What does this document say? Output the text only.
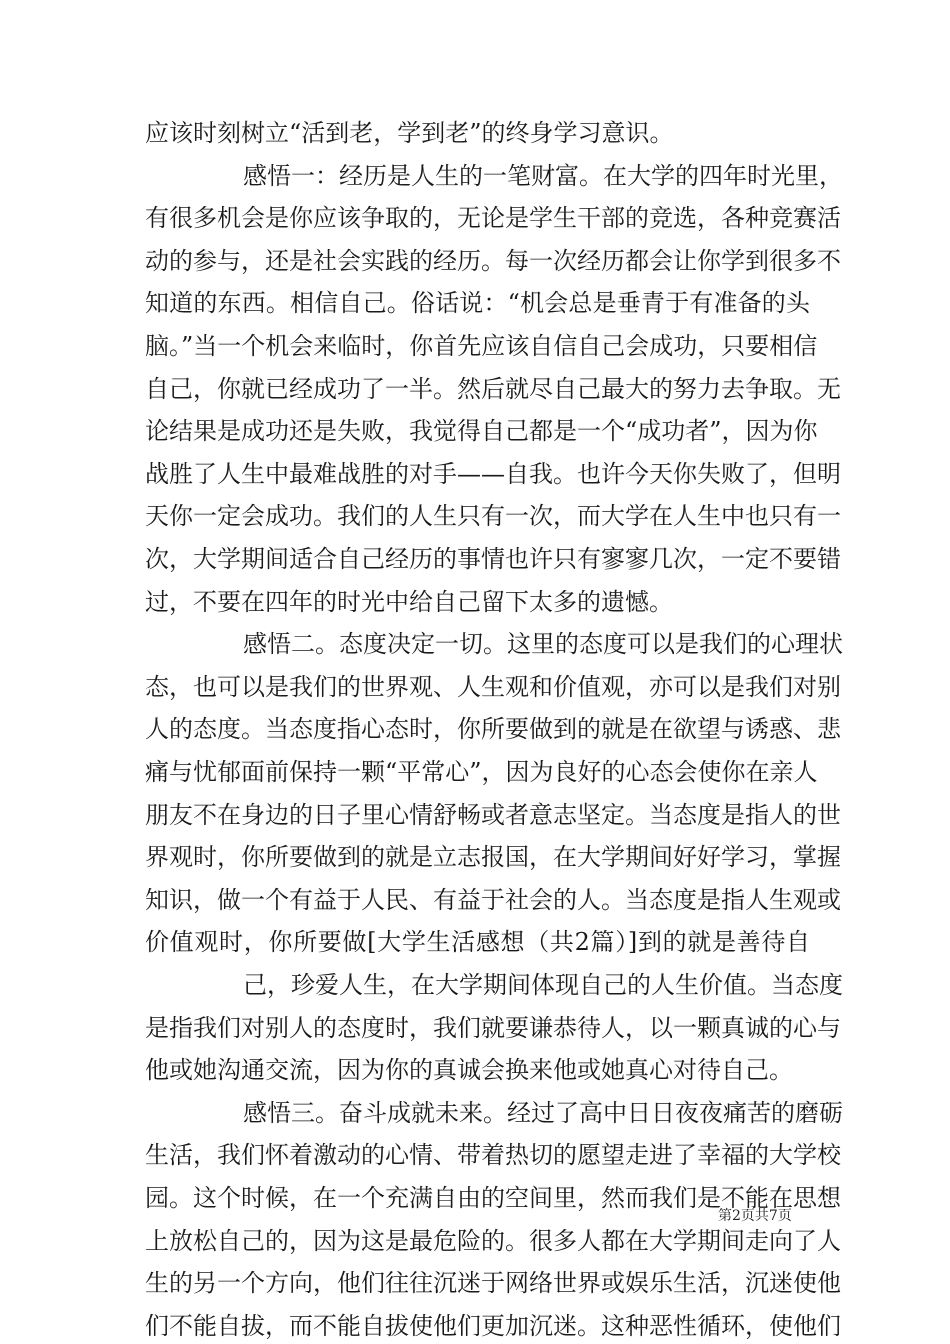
应该时刻树立“活到老，学到老”的终身学习意识。
感悟一：经历是人生的一笔财富。在大学的四年时光里，
有很多机会是你应该争取的，无论是学生干部的竞选，各种竞赛活
动的参与，还是社会实践的经历。每一次经历都会让你学到很多不
知道的东西。相信自己。俗话说：“机会总是垂青于有准备的头
脑。”当一个机会来临时，你首先应该自信自己会成功，只要相信
自己，你就已经成功了一半。然后就尽自己最大的努力去争取。无
论结果是成功还是失败，我觉得自己都是一个“成功者”，因为你
战胜了人生中最难战胜的对手——自我。也许今天你失败了，但明
天你一定会成功。我们的人生只有一次，而大学在人生中也只有一
次，大学期间适合自己经历的事情也许只有寥寥几次，一定不要错
过，不要在四年的时光中给自己留下太多的遗憾。
感悟二。态度决定一切。这里的态度可以是我们的心理状
态，也可以是我们的世界观、人生观和价值观，亦可以是我们对别
人的态度。当态度指心态时，你所要做到的就是在欲望与诱惑、悲
痛与忧郁面前保持一颗“平常心”，因为良好的心态会使你在亲人
朋友不在身边的日子里心情舒畅或者意志坚定。当态度是指人的世
界观时，你所要做到的就是立志报国，在大学期间好好学习，掌握
知识，做一个有益于人民、有益于社会的人。当态度是指人生观或
价值观时，你所要做[大学生活感想（共2篇）]到的就是善待自
己，珍爱人生，在大学期间体现自己的人生价值。当态度
是指我们对别人的态度时，我们就要谦恭待人，以一颗真诚的心与
他或她沟通交流，因为你的真诚会换来他或她真心对待自己。
感悟三。奋斗成就未来。经过了高中日日夜夜痛苦的磨砺
生活，我们怀着激动的心情、带着热切的愿望走进了幸福的大学校
园。这个时候，在一个充满自由的空间里，然而我们是不能在思想
上放松自己的，因为这是最危险的。很多人都在大学期间走向了人
生的另一个方向，他们往往沉迷于网络世界或娱乐生活，沉迷使他
们不能自拔，而不能自拔使他们更加沉迷。这种恶性循环，使他们
第2页共7页
